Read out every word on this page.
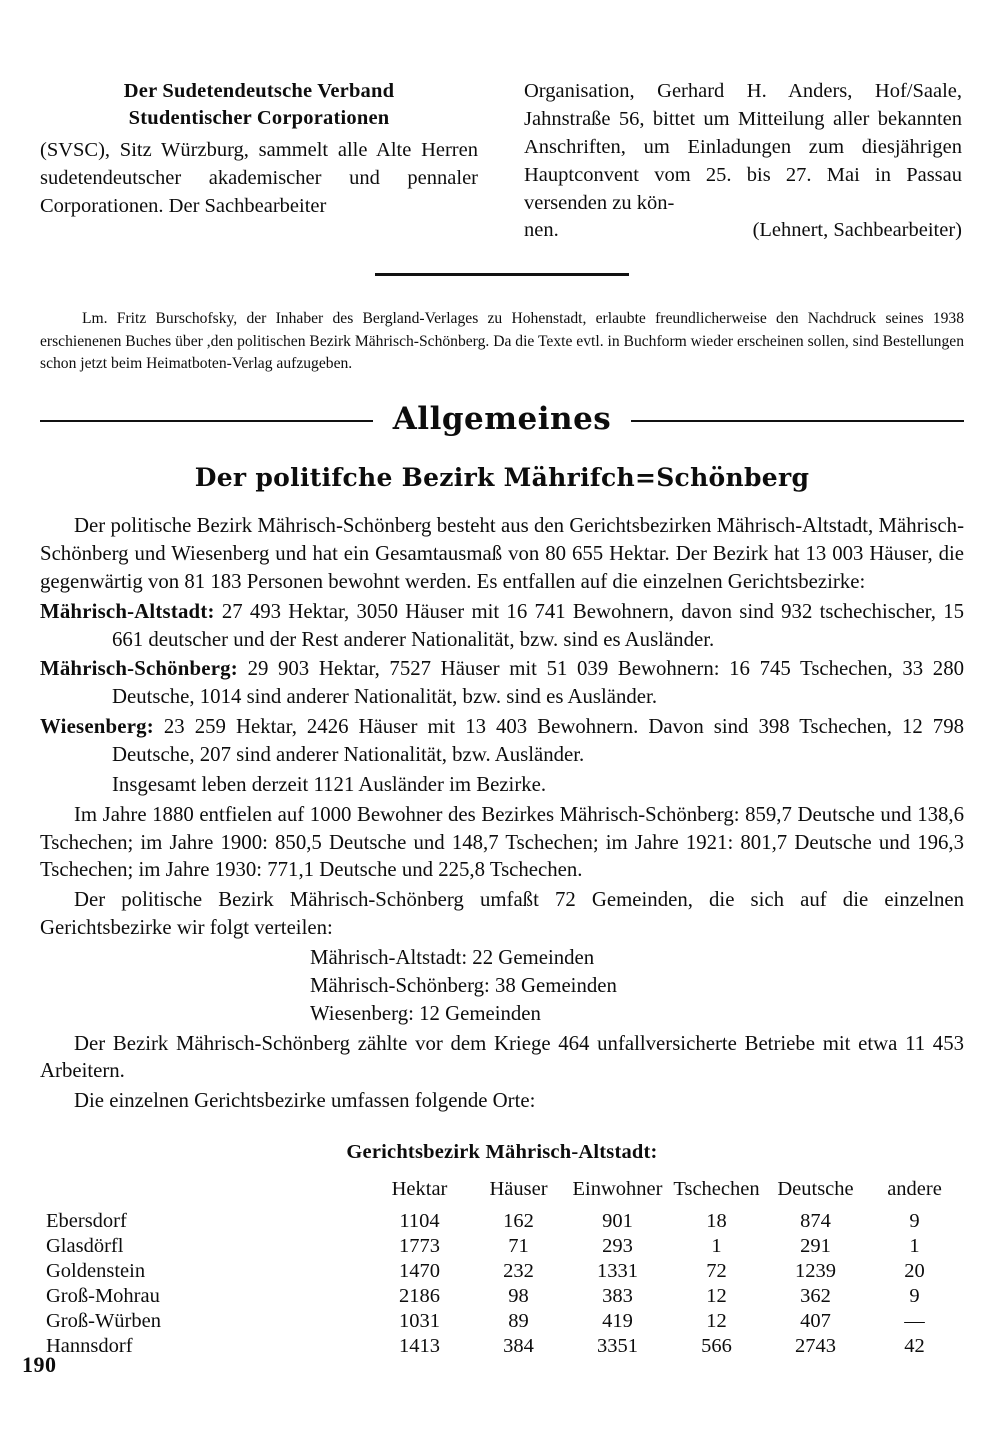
Der Sudetendeutsche Verband
Studentischer Corporationen
(SVSC), Sitz Würzburg, sammelt alle Alte Herren sudetendeutscher akademischer und pennaler Corporationen. Der Sachbearbeiter
Organisation, Gerhard H. Anders, Hof/Saale, Jahnstraße 56, bittet um Mitteilung aller bekannten Anschriften, um Einladungen zum diesjährigen Hauptconvent vom 25. bis 27. Mai in Passau versenden zu kön-
nen.	(Lehnert, Sachbearbeiter)
Lm. Fritz Burschofsky, der Inhaber des Bergland-Verlages zu Hohenstadt, erlaubte freundlicherweise den Nachdruck seines 1938 erschienenen Buches über ,den politischen Bezirk Mährisch-Schönberg. Da die Texte evtl. in Buchform wieder erscheinen sollen, sind Bestellungen schon jetzt beim Heimatboten-Verlag aufzugeben.
Allgemeines
Der politifche Bezirk Mährifch=Schönberg

Der politische Bezirk Mährisch-Schönberg besteht aus den Gerichtsbezirken Mährisch-Altstadt, Mährisch-Schönberg und Wiesenberg und hat ein Gesamtausmaß von 80 655 Hektar. Der Bezirk hat 13 003 Häuser, die gegenwärtig von 81 183 Personen bewohnt werden. Es entfallen auf die einzelnen Gerichtsbezirke:

Mährisch-Altstadt: 27 493 Hektar, 3050 Häuser mit 16 741 Bewohnern, davon sind 932 tschechischer, 15 661 deutscher und der Rest anderer Nationalität, bzw. sind es Ausländer.

Mährisch-Schönberg: 29 903 Hektar, 7527 Häuser mit 51 039 Bewohnern: 16 745 Tschechen, 33 280 Deutsche, 1014 sind anderer Nationalität, bzw. sind es Ausländer.

Wiesenberg: 23 259 Hektar, 2426 Häuser mit 13 403 Bewohnern. Davon sind 398 Tschechen, 12 798 Deutsche, 207 sind anderer Nationalität, bzw. Ausländer.

Insgesamt leben derzeit 1121 Ausländer im Bezirke.

Im Jahre 1880 entfielen auf 1000 Bewohner des Bezirkes Mährisch-Schönberg: 859,7 Deutsche und 138,6 Tschechen; im Jahre 1900: 850,5 Deutsche und 148,7 Tschechen; im Jahre 1921: 801,7 Deutsche und 196,3 Tschechen; im Jahre 1930: 771,1 Deutsche und 225,8 Tschechen.

Der politische Bezirk Mährisch-Schönberg umfaßt 72 Gemeinden, die sich auf die einzelnen Gerichtsbezirke wir folgt verteilen:

Mährisch-Altstadt: 22 Gemeinden
Mährisch-Schönberg: 38 Gemeinden
Wiesenberg: 12 Gemeinden

Der Bezirk Mährisch-Schönberg zählte vor dem Kriege 464 unfallversicherte Betriebe mit etwa 11 453 Arbeitern.

Die einzelnen Gerichtsbezirke umfassen folgende Orte:

Gerichtsbezirk Mährisch-Altstadt:
	Hektar	Häuser	Einwohner	Tschechen	Deutsche	andere
Ebersdorf	1104	162	901	18	874	9
Glasdörfl	1773	71	293	1	291	1
Goldenstein	1470	232	1331	72	1239	20
Groß-Mohrau	2186	98	383	12	362	9
Groß-Würben	1031	89	419	12	407	—
Hannsdorf	1413	384	3351	566	2743	42
190
